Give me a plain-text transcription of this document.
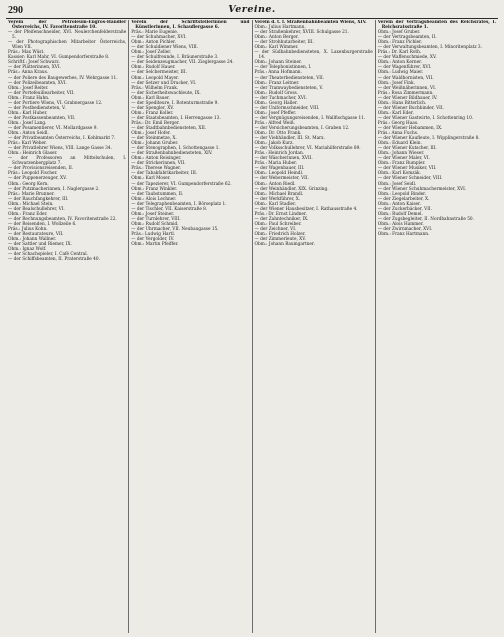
290	Vereine.

Verein der Petroleum-Engros-Händler Österreichs, IV. Favoritenstraße 10.

— der Pfeifenschneider, XVI. Neulerchenfelderstraße 5.

— der Photographischen Mitarbeiter Österreichs, Wien VII.

Präs.: Max Wüst.

Kassier: Karl Mahr, VI. Gumpendorferstraße 8.

Schriftf.: Josef Schwarz.

— der Plätterinnen, XVI.

Präs.: Anna Kraus.

— der Poliere des Baugewerbes, IV. Wehrgasse 11.

— der Polizeibeamten, XVI.

Obm.: Josef Reiter.

— der Portefeuillearbeiter, VII.

Obm.: Franz Hahn.

— der Portiere Wiens, VI. Grabnergasse 12.

— der Postbediensteten, V.

Obm.: Karl Huber.

— der Postkassenbeamten, VII.

Obm.: Josef Lang.

— der Posamentierer, VI. Mollardgasse 9.

Obm.: Anton Seidl.

— der Privatbeamten Österreichs, I. Kohlmarkt 7.

Präs.: Karl Weber.

— der Privatlehrer Wiens, VIII. Lange Gasse 34.

Obm.: Heinrich Glaser.

— der Professoren an Mittelschulen, I. Schwarzenbergplatz 7.

— der Provisionsreisenden, II.

Präs.: Leopold Fischer.

— der Puppenerzeuger, XV.

Obm.: Georg Kern.

— der Putzmacherinnen, I. Naglergasse 2.

Präs.: Marie Brunner.

— der Rauchfangkehrer, III.

Obm.: Michael Stein.

— der Realschullehrer, VI.

Obm.: Franz Eder.

— der Rechnungsbeamten, IV. Favoritenstraße 22.

— der Reisenden, I. Wollzeile 6.

Präs.: Julius Kohn.

— der Restaurateure, VII.

Obm.: Johann Wallner.

— der Sattler und Riemer, IX.

Obm.: Ignaz Wolf.

— der Schachspieler, I. Café Central.

— der Schiffsbeamten, II. Praterstraße 40.

Verein der Schriftstellerinnen und Künstlerinnen, I. Schauflergasse 6.

Präs.: Marie Eugenie.

— der Schuhmacher, XVI.

Obm.: Anton Pichler.

— der Schuldiener Wiens, VIII.

Obm.: Josef Zeller.

— der Schulfreunde, I. Bräunerstraße 3.

— der Seidenzeugmacher, VII. Zieglergasse 24.

Obm.: Rudolf Hauer.

— der Selchermeister, III.

Obm.: Leopold Mayer.

— der Setzer und Drucker, VI.

Präs.: Wilhelm Frank.

— der Sicherheitswachleute, IX.

Obm.: Karl Bauer.

— der Spediteure, I. Rotenturmstraße 9.

— der Spengler, XV.

Obm.: Franz Koller.

— der Staatsbeamten, I. Herrengasse 13.

Präs.: Dr. Emil Berger.

— der Stadtbahnbediensteten, XII.

Obm.: Josef Hofer.

— der Steinmetze, X.

Obm.: Johann Gruber.

— der Stenographen, I. Schottengasse 1.

— der Straßenbahnbediensteten, XIV.

Obm.: Anton Reisinger.

— der Strickerinnen, VII.

Präs.: Therese Wagner.

— der Tabakfabrikarbeiter, III.

Obm.: Karl Moser.

— der Tapezierer, VI. Gumpendorferstraße 62.

Obm.: Franz Winkler.

— der Taubstummen, II.

Obm.: Alois Lechner.

— der Telegraphenbeamten, I. Börseplatz 1.

— der Tischler, VII. Kaiserstraße 8.

Obm.: Josef Steiner.

— der Turnlehrer, VIII.

Obm.: Rudolf Schmid.

— der Uhrmacher, VII. Neubaugasse 15.

Präs.: Ludwig Hartl.

— der Vergolder, IV.

Obm.: Martin Pfeiffer.

Verein d. t. f. Straßenbahnbeamten Wiens, XIV.

Obm.: Julius Hartmann.

— der Straßenkehrer, XVIII. Schulgasse 21.

Obm.: Anton Berger.

— der Strohhutarbeiter, III.

Obm.: Karl Wimmer.

— der Südbahnbediensteten, X. Laxenburgerstraße 14.

Obm.: Johann Steiner.

— der Telephonistinnen, I.

Präs.: Anna Hofmann.

— der Theaterbediensteten, VII.

Obm.: Franz Leitner.

— der Tramwaybediensteten, V.

Obm.: Rudolf Gross.

— der Tuchmacher, XVI.

Obm.: Georg Haller.

— der Uniformschneider, VIII.

Obm.: Josef Pfeffer.

— der Vergnügungsreisenden, I. Wallfischgasse 11.

Präs.: Alfred Weiß.

— der Versicherungsbeamten, I. Graben 12.

Obm.: Dr. Otto Frank.

— der Viehhändler, III. St. Marx.

Obm.: Jakob Kurz.

— der Volksschullehrer, VI. Mariahilferstraße 89.

Präs.: Heinrich Jordan.

— der Wäscherinnen, XVII.

Präs.: Maria Huber.

— der Wagenbauer, III.

Obm.: Leopold Heindl.

— der Webermeister, VII.

Obm.: Anton Riedl.

— der Weinhändler, XIX. Grinzing.

Obm.: Michael Brandl.

— der Werkführer, X.

Obm.: Karl Stadler.

— der Wiener Hausbesitzer, I. Rathausstraße 4.

Präs.: Dr. Ernst Lindner.

— der Zahntechniker, IX.

Obm.: Paul Schreiber.

— der Zeichner, VI.

Obm.: Friedrich Holzer.

— der Zimmerleute, XV.

Obm.: Johann Baumgartner.

Verein der Vertragsbeamten des Reichsrates, I. Reichsratsstraße 1.

Obm.: Josef Gruber.

— der Vertragsbeamten, II.

Obm.: Franz Pichler.

— der Verwaltungsbeamten, I. Minoritenplatz 3.

Präs.: Dr. Karl Roth.

— der Waffenschmiede, XV.

Obm.: Anton Kerner.

— der Wagenführer, XVI.

Obm.: Ludwig Maier.

— der Waldhornisten, VII.

Obm.: Josef Fink.

— der Weißnäherinnen, VI.

Präs.: Rosa Zimmermann.

— der Wiener Bildhauer, IV.

Obm.: Hans Bitterlich.

— der Wiener Buchbinder, VII.

Obm.: Karl Eder.

— der Wiener Gastwirte, I. Schottenring 10.

Präs.: Georg Haas.

— der Wiener Hebammen, IX.

Präs.: Anna Fuchs.

— der Wiener Kaufleute, I. Wipplingerstraße 8.

Obm.: Eduard Klein.

— der Wiener Kutscher, III.

Obm.: Johann Wieser.

— der Wiener Maler, VI.

Obm.: Franz Rumpler.

— der Wiener Musiker, VII.

Obm.: Karl Komzák.

— der Wiener Schneider, VIII.

Obm.: Josef Seidl.

— der Wiener Schuhmachermeister, XVI.

Obm.: Leopold Binder.

— der Ziegelarbeiter, X.

Obm.: Anton Kaiser.

— der Zuckerbäcker, VII.

Obm.: Rudolf Demel.

— der Zugsbegleiter, II. Nordbahnstraße 50.

Obm.: Alois Hammer.

— der Zwirnmacher, XVI.

Obm.: Franz Hartmann.
